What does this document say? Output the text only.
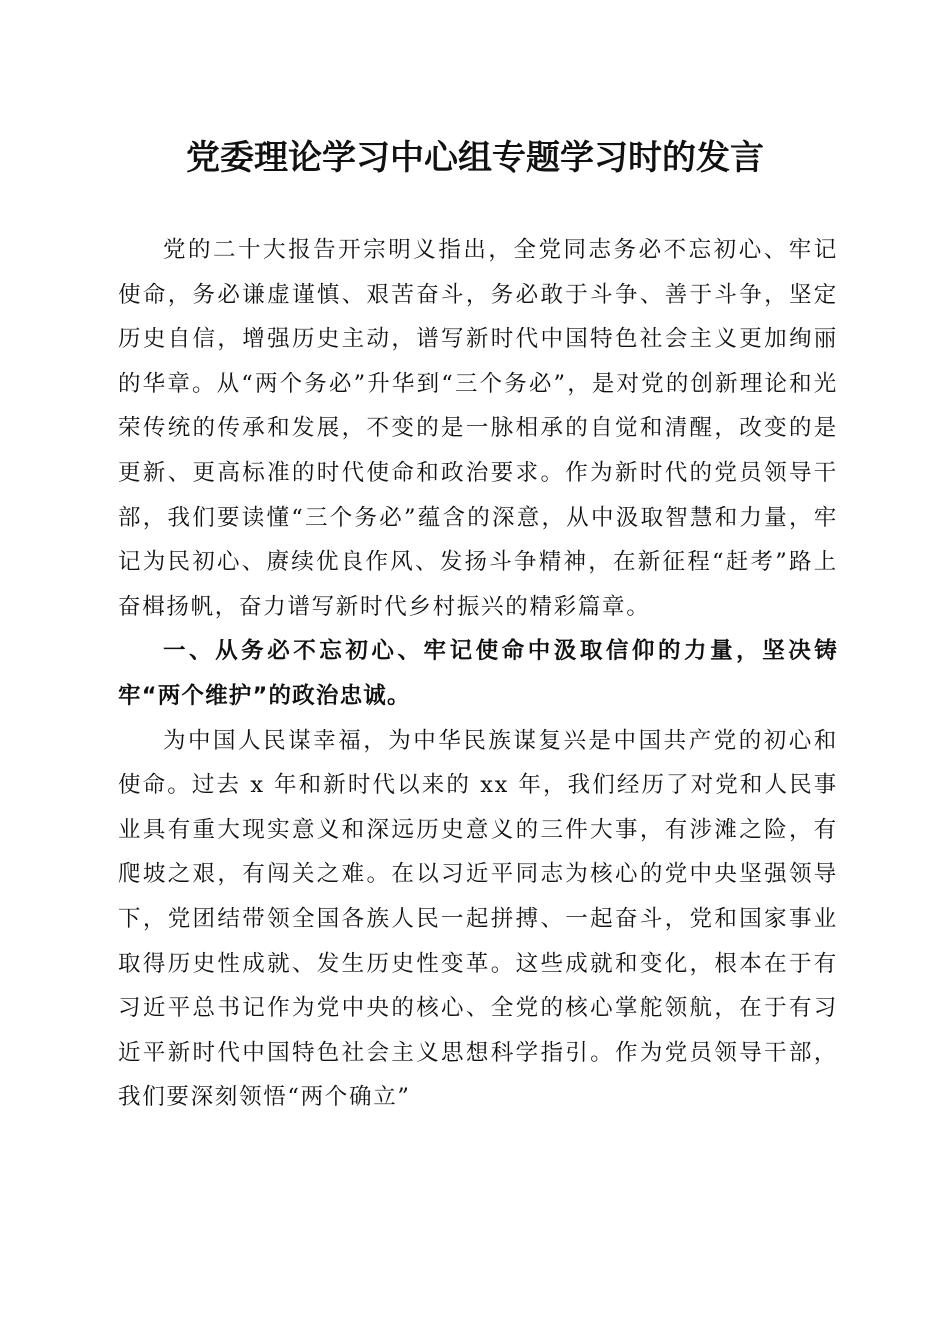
党委理论学习中心组专题学习时的发言

党的二十大报告开宗明义指出，全党同志务必不忘初心、牢记使命，务必谦虚谨慎、艰苦奋斗，务必敢于斗争、善于斗争，坚定历史自信，增强历史主动，谱写新时代中国特色社会主义更加绚丽的华章。从“两个务必”升华到“三个务必”，是对党的创新理论和光荣传统的传承和发展，不变的是一脉相承的自觉和清醒，改变的是更新、更高标准的时代使命和政治要求。作为新时代的党员领导干部，我们要读懂“三个务必”蕴含的深意，从中汲取智慧和力量，牢记为民初心、赓续优良作风、发扬斗争精神，在新征程“赶考”路上奋楫扬帆，奋力谱写新时代乡村振兴的精彩篇章。

一、从务必不忘初心、牢记使命中汲取信仰的力量，坚决铸牢“两个维护”的政治忠诚。

为中国人民谋幸福，为中华民族谋复兴是中国共产党的初心和使命。过去 x 年和新时代以来的 xx 年，我们经历了对党和人民事业具有重大现实意义和深远历史意义的三件大事，有涉滩之险，有爬坡之艰，有闯关之难。在以习近平同志为核心的党中央坚强领导下，党团结带领全国各族人民一起拼搏、一起奋斗，党和国家事业取得历史性成就、发生历史性变革。这些成就和变化，根本在于有习近平总书记作为党中央的核心、全党的核心掌舵领航，在于有习近平新时代中国特色社会主义思想科学指引。作为党员领导干部，我们要深刻领悟“两个确立”
